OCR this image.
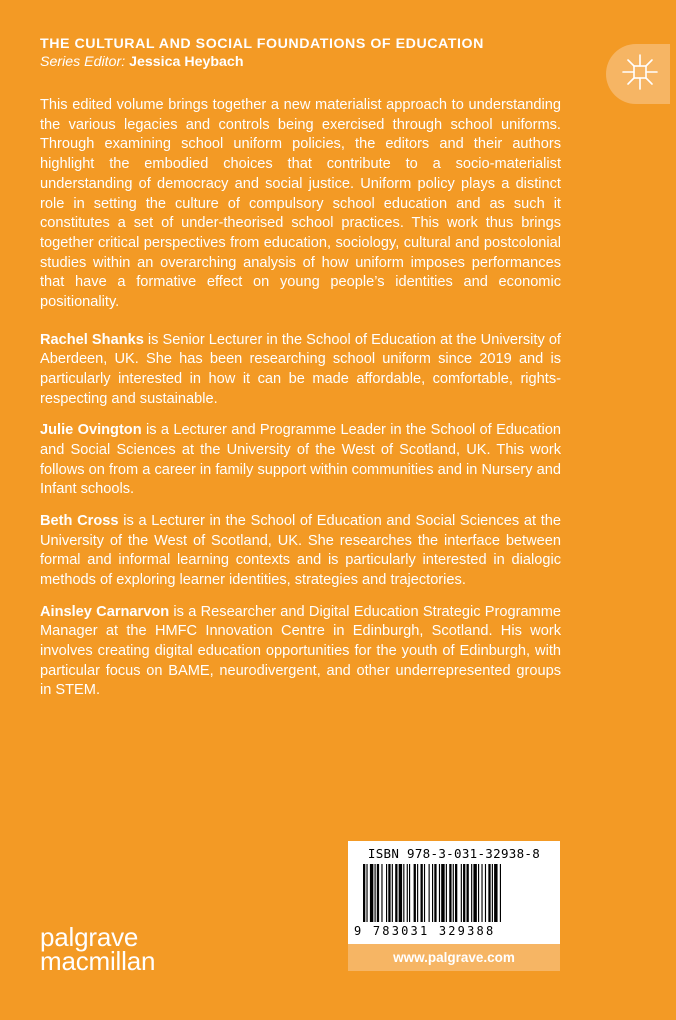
THE CULTURAL AND SOCIAL FOUNDATIONS OF EDUCATION
Series Editor: Jessica Heybach

This edited volume brings together a new materialist approach to understanding the various legacies and controls being exercised through school uniforms. Through examining school uniform policies, the editors and their authors highlight the embodied choices that contribute to a socio-materialist understanding of democracy and social justice. Uniform policy plays a distinct role in setting the culture of compulsory school education and as such it constitutes a set of under-theorised school practices. This work thus brings together critical perspectives from education, sociology, cultural and postcolonial studies within an overarching analysis of how uniform imposes performances that have a formative effect on young people’s identities and economic positionality.

Rachel Shanks is Senior Lecturer in the School of Education at the University of Aberdeen, UK. She has been researching school uniform since 2019 and is particularly interested in how it can be made affordable, comfortable, rights-respecting and sustainable.

Julie Ovington is a Lecturer and Programme Leader in the School of Education and Social Sciences at the University of the West of Scotland, UK. This work follows on from a career in family support within communities and in Nursery and Infant schools.

Beth Cross is a Lecturer in the School of Education and Social Sciences at the University of the West of Scotland, UK. She researches the interface between formal and informal learning contexts and is particularly interested in dialogic methods of exploring learner identities, strategies and trajectories.

Ainsley Carnarvon is a Researcher and Digital Education Strategic Programme Manager at the HMFC Innovation Centre in Edinburgh, Scotland. His work involves creating digital education opportunities for the youth of Edinburgh, with particular focus on BAME, neurodivergent, and other underrepresented groups in STEM.

palgrave
macmillan
ISBN 978-3-031-32938-8
9 783031 329388
www.palgrave.com
